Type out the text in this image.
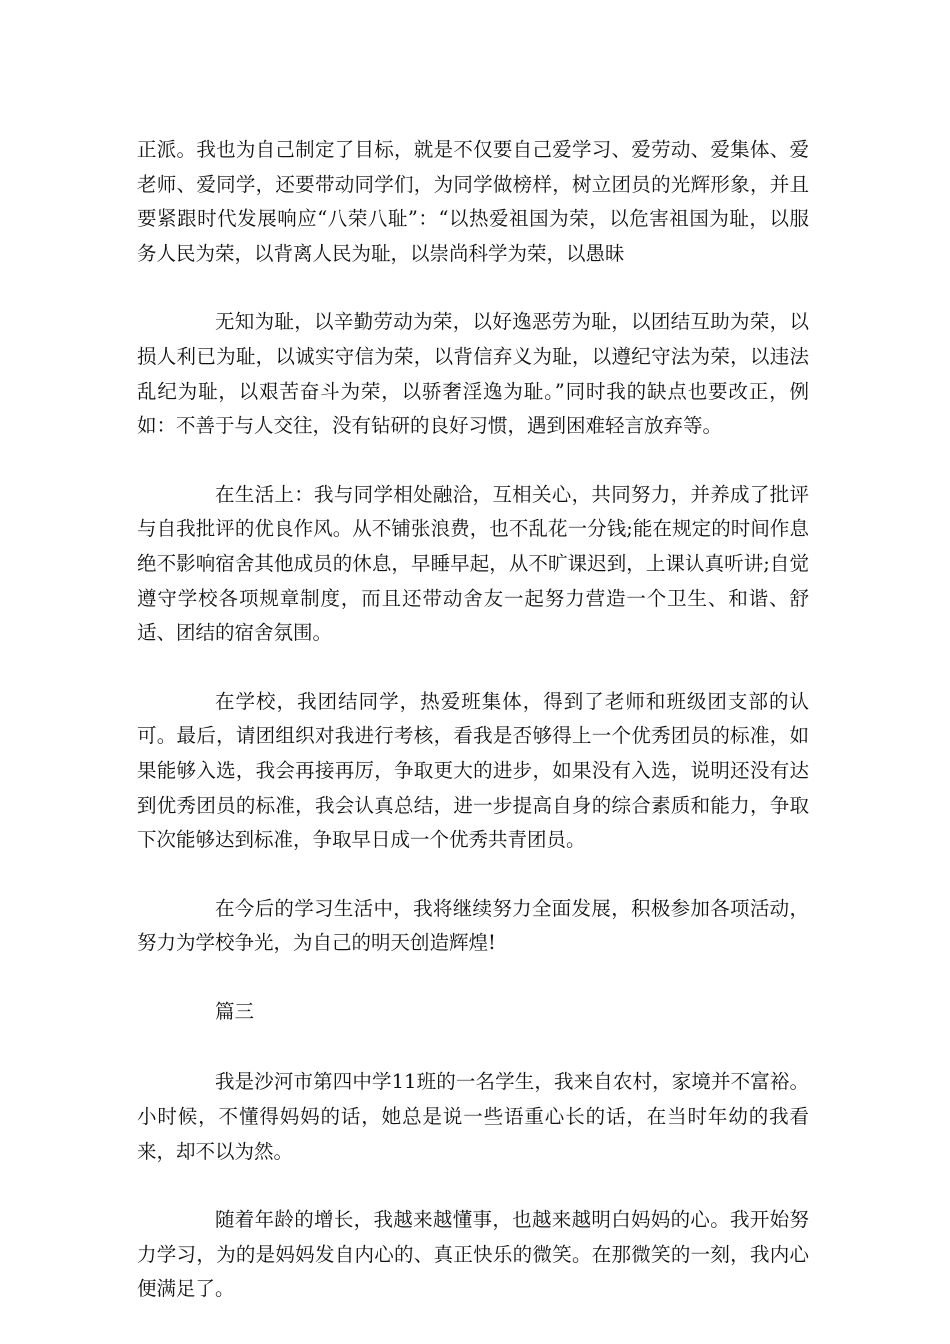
正派。我也为自己制定了目标，就是不仅要自己爱学习、爱劳动、爱集体、爱老师、爱同学，还要带动同学们，为同学做榜样，树立团员的光辉形象，并且要紧跟时代发展响应“八荣八耻”：“以热爱祖国为荣，以危害祖国为耻，以服务人民为荣，以背离人民为耻，以崇尚科学为荣，以愚昧

无知为耻，以辛勤劳动为荣，以好逸恶劳为耻，以团结互助为荣，以损人利已为耻，以诚实守信为荣，以背信弃义为耻，以遵纪守法为荣，以违法乱纪为耻，以艰苦奋斗为荣，以骄奢淫逸为耻。”同时我的缺点也要改正，例如：不善于与人交往，没有钻研的良好习惯，遇到困难轻言放弃等。

在生活上：我与同学相处融洽，互相关心，共同努力，并养成了批评与自我批评的优良作风。从不铺张浪费，也不乱花一分钱;能在规定的时间作息绝不影响宿舍其他成员的休息，早睡早起，从不旷课迟到，上课认真听讲;自觉遵守学校各项规章制度，而且还带动舍友一起努力营造一个卫生、和谐、舒适、团结的宿舍氛围。

在学校，我团结同学，热爱班集体，得到了老师和班级团支部的认可。最后，请团组织对我进行考核，看我是否够得上一个优秀团员的标准，如果能够入选，我会再接再厉，争取更大的进步，如果没有入选，说明还没有达到优秀团员的标准，我会认真总结，进一步提高自身的综合素质和能力，争取下次能够达到标准，争取早日成一个优秀共青团员。

在今后的学习生活中，我将继续努力全面发展，积极参加各项活动，努力为学校争光，为自己的明天创造辉煌!

篇三

我是沙河市第四中学11班的一名学生，我来自农村，家境并不富裕。小时候，不懂得妈妈的话，她总是说一些语重心长的话，在当时年幼的我看来，却不以为然。

随着年龄的增长，我越来越懂事，也越来越明白妈妈的心。我开始努力学习，为的是妈妈发自内心的、真正快乐的微笑。在那微笑的一刻，我内心便满足了。
